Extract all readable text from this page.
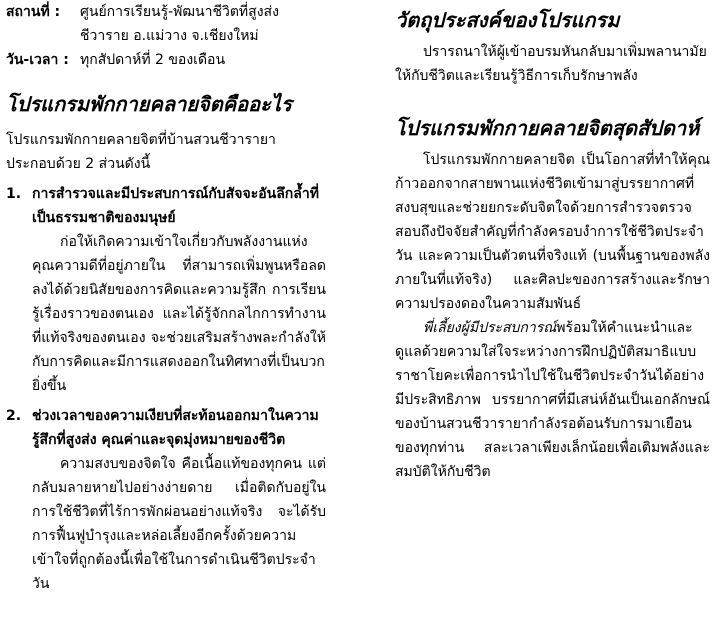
สถานที่ :	ศูนย์การเรียนรู้-พัฒนาชีวิตที่สูงส่ง
ชีวาราย อ.แม่วาง จ.เชียงใหม่
วัน-เวลา : ทุกสัปดาห์ที่ 2 ของเดือน
โปรแกรมพักกายคลายจิตคืออะไร
โปรแกรมพักกายคลายจิตที่บ้านสวนชีวารายา
ประกอบด้วย 2 ส่วนดังนี้
1. การสำรวจและมีประสบการณ์กับสัจจะอันลึกล้ำที่เป็นธรรมชาติของมนุษย์
ก่อให้เกิดความเข้าใจเกี่ยวกับพลังงานแห่งคุณความดีที่อยู่ภายใน ที่สามารถเพิ่มพูนหรือลดลงได้ด้วยนิสัยของการคิดและความรู้สึก การเรียนรู้เรื่องราวของตนเอง และได้รู้จักกลไกการทำงานที่แท้จริงของตนเอง จะช่วยเสริมสร้างพละกำลังให้กับการคิดและมีการแสดงออกในทิศทางที่เป็นบวกยิ่งขึ้น
2. ช่วงเวลาของความเงียบที่สะท้อนออกมาในความรู้สึกที่สูงส่ง คุณค่าและจุดมุ่งหมายของชีวิต
ความสงบของจิตใจ คือเนื้อแท้ของทุกคน แต่กลับมลายหายไปอย่างง่ายดาย เมื่อติดกับอยู่ในการใช้ชีวิตที่ไร้การพักผ่อนอย่างแท้จริง จะได้รับการฟื้นฟูบำรุงและหล่อเลี้ยงอีกครั้งด้วยความเข้าใจที่ถูกต้องนี้เพื่อใช้ในการดำเนินชีวิตประจำวัน
วัตถุประสงค์ของโปรแกรม
ปรารถนาให้ผู้เข้าอบรมหันกลับมาเพิ่มพลานามัยให้กับชีวิตและเรียนรู้วิธีการเก็บรักษาพลัง
โปรแกรมพักกายคลายจิตสุดสัปดาห์
โปรแกรมพักกายคลายจิต เป็นโอกาสที่ทำให้คุณก้าวออกจากสายพานแห่งชีวิตเข้ามาสู่บรรยากาศที่สงบสุขและช่วยยกระดับจิตใจด้วยการสำรวจตรวจสอบถึงปัจจัยสำคัญที่กำลังครอบงำการใช้ชีวิตประจำวัน และความเป็นตัวตนที่จริงแท้ (บนพื้นฐานของพลังภายในที่แท้จริง) และศิลปะของการสร้างและรักษาความปรองดองในความสัมพันธ์
พี่เลี้ยงผู้มีประสบการณ์พร้อมให้คำแนะนำและดูแลด้วยความใส่ใจระหว่างการฝึกปฏิบัติสมาธิแบบราชาโยคะเพื่อการนำไปใช้ในชีวิตประจำวันได้อย่างมีประสิทธิภาพ บรรยากาศที่มีเสน่ห์อันเป็นเอกลักษณ์ของบ้านสวนชีวารายากำลังรอต้อนรับการมาเยือนของทุกท่าน สละเวลาเพียงเล็กน้อยเพื่อเติมพลังและสมบัติให้กับชีวิต
